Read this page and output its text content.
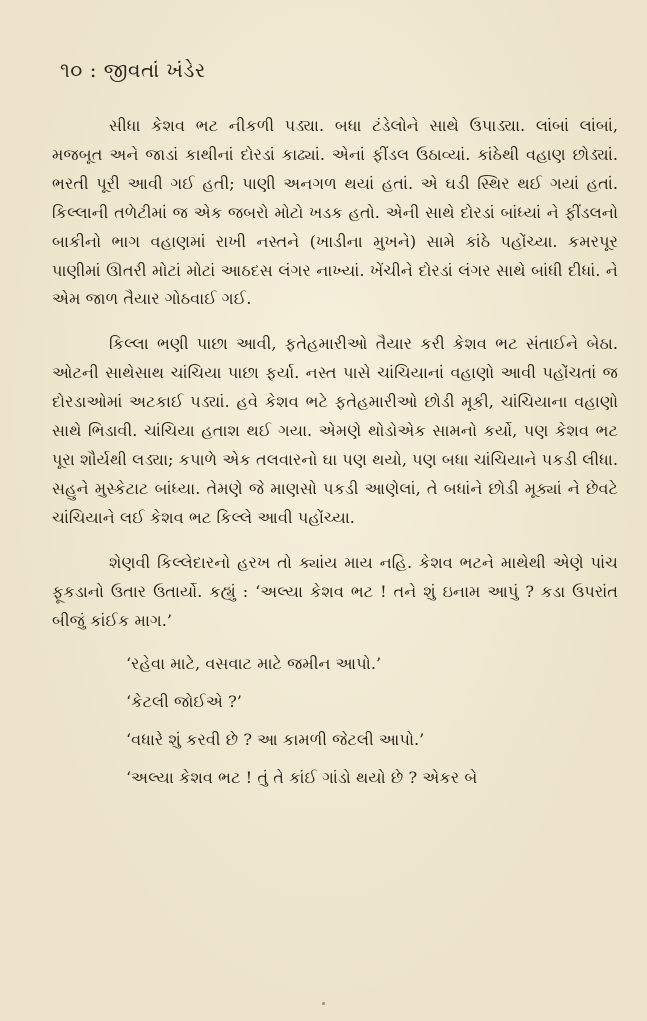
૧૦ : જીવતાં ખંડેર

સીધા કેશવ ભટ નીકળી પડ્યા. બધા ટંડેલોને સાથે ઉપાડ્યા. લાંબાં લાંબાં, મજબૂત અને જાડાં કાથીનાં દોરડાં કાઢ્યાં. એનાં ફીંડલ ઉઠાવ્યાં. કાંઠેથી વહાણ છોડ્યાં. ભરતી પૂરી આવી ગઈ હતી; પાણી અનગળ થયાં હતાં. એ ઘડી સ્થિર થઈ ગયાં હતાં. કિલ્લાની તળેટીમાં જ એક જબરો મોટો ખડક હતો. એની સાથે દોરડાં બાંધ્યાં ને ફીંડલનો બાકીનો ભાગ વહાણમાં રાખી નસ્તને (ખાડીના મુખને) સામે કાંઠે પહોંચ્યા. કમરપૂર પાણીમાં ઊતરી મોટાં મોટાં આઠદસ લંગર નાખ્યાં. ખેંચીને દોરડાં લંગર સાથે બાંધી દીધાં. ને એમ જાળ તૈયાર ગોઠવાઈ ગઈ.

કિલ્લા ભણી પાછા આવી, ફતેહમારીઓ તૈયાર કરી કેશવ ભટ સંતાઈને બેઠા. ઓટની સાથેસાથ ચાંચિયા પાછા ફર્યા. નસ્ત પાસે ચાંચિયાનાં વહાણો આવી પહોંચતાં જ દોરડાઓમાં અટકાઈ પડ્યાં. હવે કેશવ ભટે ફતેહમારીઓ છોડી મૂકી, ચાંચિયાના વહાણો સાથે ભિડાવી. ચાંચિયા હતાશ થઈ ગયા. એમણે થોડોએક સામનો કર્યો, પણ કેશવ ભટ પૂરા શૌર્યથી લડ્યા; કપાળે એક તલવારનો ઘા પણ થયો, પણ બધા ચાંચિયાને પકડી લીધા. સહુને મુસ્કેટાટ બાંધ્યા. તેમણે જે માણસો પકડી આણેલાં, તે બધાંને છોડી મૂક્યાં ને છેવટે ચાંચિયાને લઈ કેશવ ભટ કિલ્લે આવી પહોંચ્યા.

શેણવી કિલ્લેદારનો હરખ તો ક્યાંય માય નહિ. કેશવ ભટને માથેથી એણે પાંચ ફૂકડાનો ઉતાર ઉતાર્યો. કહ્યું : ‘અલ્યા કેશવ ભટ ! તને શું ઇનામ આપું ? કડા ઉપરાંત બીજું કાંઈક માગ.’

‘રહેવા માટે, વસવાટ માટે જમીન આપો.’

‘કેટલી જોઈએ ?’

‘વધારે શું કરવી છે ? આ કામળી જેટલી આપો.’

‘અલ્યા કેશવ ભટ ! તું તે કાંઈ ગાંડો થયો છે ? એકર બે
